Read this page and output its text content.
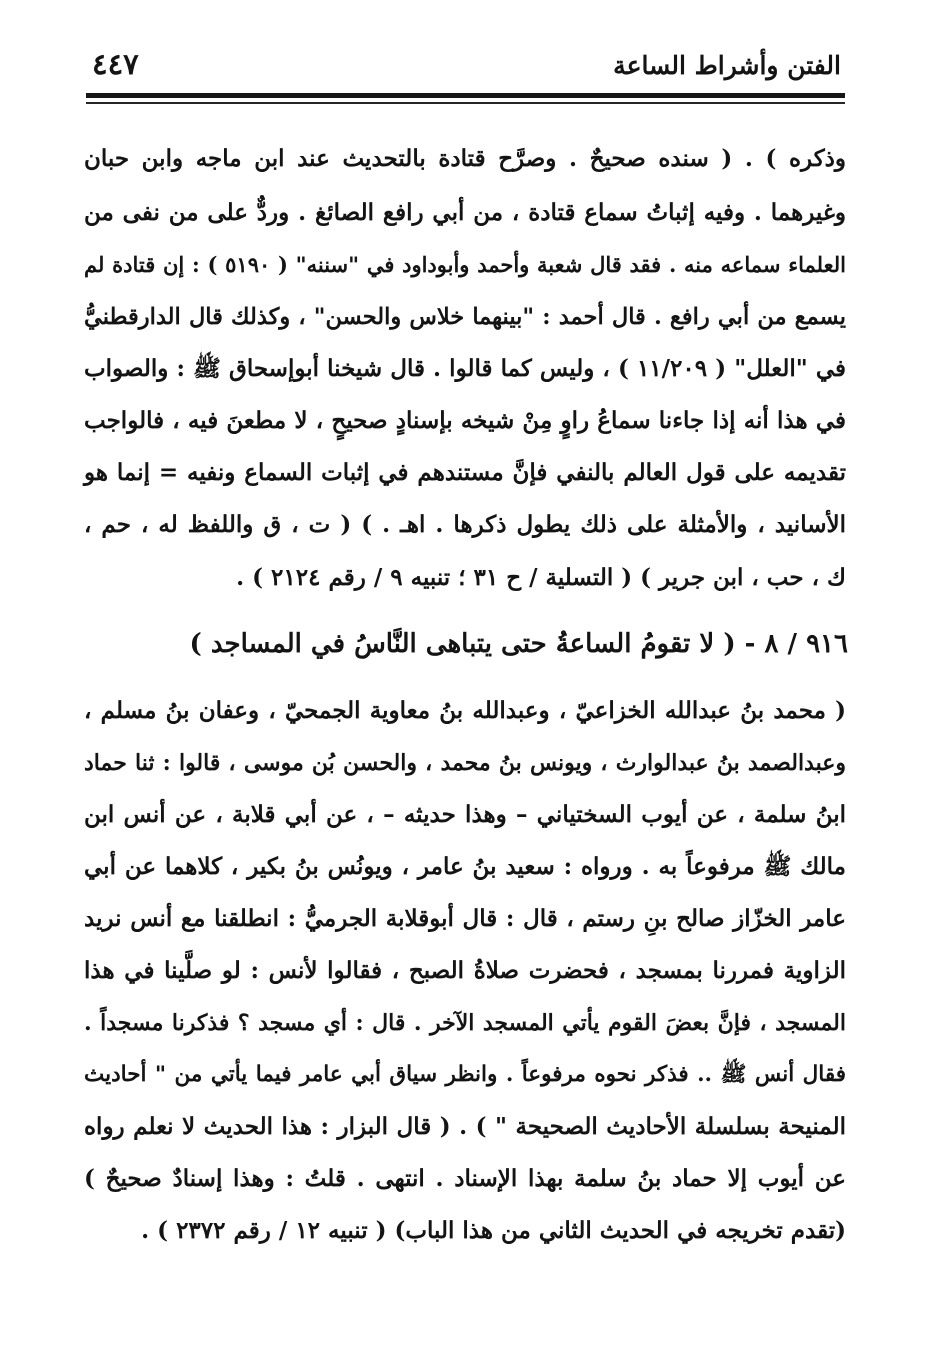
٤٤٧	الفتن وأشراط الساعة
وذكره ) . ( سنده صحيحٌ . وصرَّح قتادة بالتحديث عند ابن ماجه وابن حبان
وغيرهما . وفيه إثباتُ سماع قتادة ، من أبي رافع الصائغ . وردٌّ على من نفى من
العلماء سماعه منه . فقد قال شعبة وأحمد وأبوداود في "سننه" ( ٥١٩٠ ) : إن قتادة لم
يسمع من أبي رافع . قال أحمد : "بينهما خلاس والحسن" ، وكذلك قال الدارقطنيُّ
في "العلل" ( ١١/٢٠٩ ) ، وليس كما قالوا . قال شيخنا أبوإسحاق ﷺ : والصواب
في هذا أنه إذا جاءنا سماعُ راوٍ مِنْ شيخه بإسنادٍ صحيحٍ ، لا مطعنَ فيه ، فالواجب
تقديمه على قول العالم بالنفي فإنَّ مستندهم في إثبات السماع ونفيه = إنما هو
الأسانيد ، والأمثلة على ذلك يطول ذكرها . اهـ . ) ( ت ، ق واللفظ له ، حم ،
ك ، حب ، ابن جرير ) ( التسلية / ح ٣١ ؛ تنبيه ٩ / رقم ٢١٢٤ ) .
٩١٦ / ٨ - ( لا تقومُ الساعةُ حتى يتباهى النَّاسُ في المساجد )
( محمد بنُ عبدالله الخزاعيّ ، وعبدالله بنُ معاوية الجمحيّ ، وعفان بنُ مسلم ،
وعبدالصمد بنُ عبدالوارث ، ويونس بنُ محمد ، والحسن بُن موسى ، قالوا : ثنا حماد
ابنُ سلمة ، عن أيوب السختياني – وهذا حديثه – ، عن أبي قلابة ، عن أنس ابن
مالك ﷺ مرفوعاً به . ورواه : سعيد بنُ عامر ، ويونُس بنُ بكير ، كلاهما عن أبي
عامر الخزّاز صالح بنِ رستم ، قال : قال أبوقلابة الجرميُّ : انطلقنا مع أنس نريد
الزاوية فمررنا بمسجد ، فحضرت صلاةُ الصبح ، فقالوا لأنس : لو صلَّينا في هذا
المسجد ، فإنَّ بعضَ القوم يأتي المسجد الآخر . قال : أي مسجد ؟ فذكرنا مسجداً .
فقال أنس ﷺ .. فذكر نحوه مرفوعاً . وانظر سياق أبي عامر فيما يأتي من " أحاديث
المنيحة بسلسلة الأحاديث الصحيحة " ) . ( قال البزار : هذا الحديث لا نعلم رواه
عن أيوب إلا حماد بنُ سلمة بهذا الإسناد . انتهى . قلتُ : وهذا إسنادٌ صحيحٌ )
(تقدم تخريجه في الحديث الثاني من هذا الباب) ( تنبيه ١٢ / رقم ٢٣٧٢ ) .
